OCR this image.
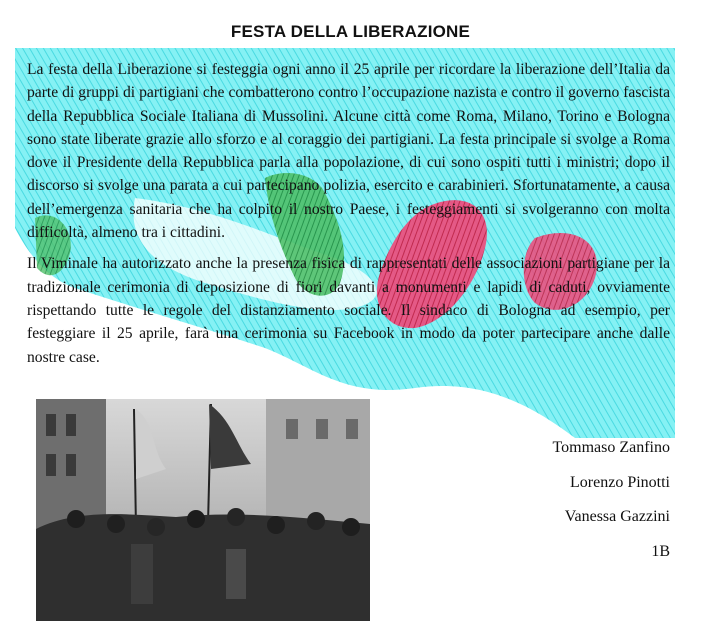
FESTA DELLA LIBERAZIONE

La festa della Liberazione si festeggia ogni anno il 25 aprile per ricordare la liberazione dell’Italia da parte di gruppi di partigiani che combatterono contro l’occupazione nazista e contro il governo fascista della Repubblica Sociale Italiana di Mussolini. Alcune città come Roma, Milano, Torino e Bologna sono state liberate grazie allo sforzo e al coraggio dei partigiani. La festa principale si svolge a Roma dove il Presidente della Repubblica parla alla popolazione, di cui sono ospiti tutti i ministri; dopo il discorso si svolge una parata a cui partecipano polizia, esercito e carabinieri. Sfortunatamente, a causa dell’emergenza sanitaria che ha colpito il nostro Paese, i festeggiamenti si svolgeranno con molta difficoltà, almeno tra i cittadini.

Il Viminale ha autorizzato anche la presenza fisica di rappresentati delle associazioni partigiane per la tradizionale cerimonia di deposizione di fiori davanti a monumenti e lapidi di caduti, ovviamente rispettando tutte le regole del distanziamento sociale. Il sindaco di Bologna ad esempio, per festeggiare il 25 aprile, farà una cerimonia su Facebook in modo da poter partecipare anche dalle nostre case.

Tommaso Zanfino
Lorenzo Pinotti
Vanessa Gazzini
1B
